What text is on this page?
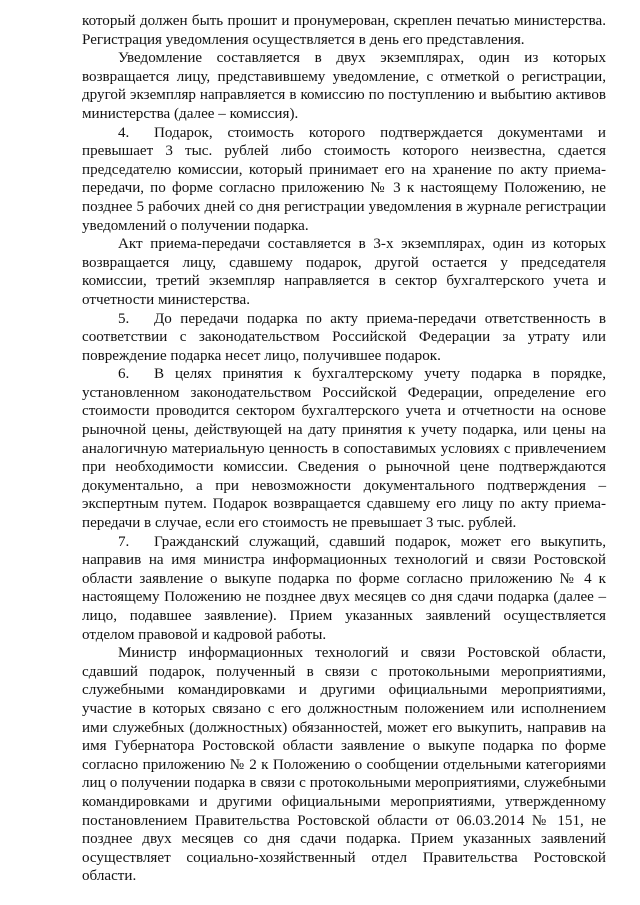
который должен быть прошит и пронумерован, скреплен печатью министерства. Регистрация уведомления осуществляется в день его представления.

Уведомление составляется в двух экземплярах, один из которых возвращается лицу, представившему уведомление, с отметкой о регистрации, другой экземпляр направляется в комиссию по поступлению и выбытию активов министерства (далее – комиссия).

4. Подарок, стоимость которого подтверждается документами и превышает 3 тыс. рублей либо стоимость которого неизвестна, сдается председателю комиссии, который принимает его на хранение по акту приема-передачи, по форме согласно приложению № 3 к настоящему Положению, не позднее 5 рабочих дней со дня регистрации уведомления в журнале регистрации уведомлений о получении подарка.

Акт приема-передачи составляется в 3-х экземплярах, один из которых возвращается лицу, сдавшему подарок, другой остается у председателя комиссии, третий экземпляр направляется в сектор бухгалтерского учета и отчетности министерства.

5. До передачи подарка по акту приема-передачи ответственность в соответствии с законодательством Российской Федерации за утрату или повреждение подарка несет лицо, получившее подарок.

6. В целях принятия к бухгалтерскому учету подарка в порядке, установленном законодательством Российской Федерации, определение его стоимости проводится сектором бухгалтерского учета и отчетности на основе рыночной цены, действующей на дату принятия к учету подарка, или цены на аналогичную материальную ценность в сопоставимых условиях с привлечением при необходимости комиссии. Сведения о рыночной цене подтверждаются документально, а при невозможности документального подтверждения – экспертным путем. Подарок возвращается сдавшему его лицу по акту приема-передачи в случае, если его стоимость не превышает 3 тыс. рублей.

7. Гражданский служащий, сдавший подарок, может его выкупить, направив на имя министра информационных технологий и связи Ростовской области заявление о выкупе подарка по форме согласно приложению № 4 к настоящему Положению не позднее двух месяцев со дня сдачи подарка (далее – лицо, подавшее заявление). Прием указанных заявлений осуществляется отделом правовой и кадровой работы.

Министр информационных технологий и связи Ростовской области, сдавший подарок, полученный в связи с протокольными мероприятиями, служебными командировками и другими официальными мероприятиями, участие в которых связано с его должностным положением или исполнением ими служебных (должностных) обязанностей, может его выкупить, направив на имя Губернатора Ростовской области заявление о выкупе подарка по форме согласно приложению № 2 к Положению о сообщении отдельными категориями лиц о получении подарка в связи с протокольными мероприятиями, служебными командировками и другими официальными мероприятиями, утвержденному постановлением Правительства Ростовской области от 06.03.2014 № 151, не позднее двух месяцев со дня сдачи подарка. Прием указанных заявлений осуществляет социально-хозяйственный отдел Правительства Ростовской области.
